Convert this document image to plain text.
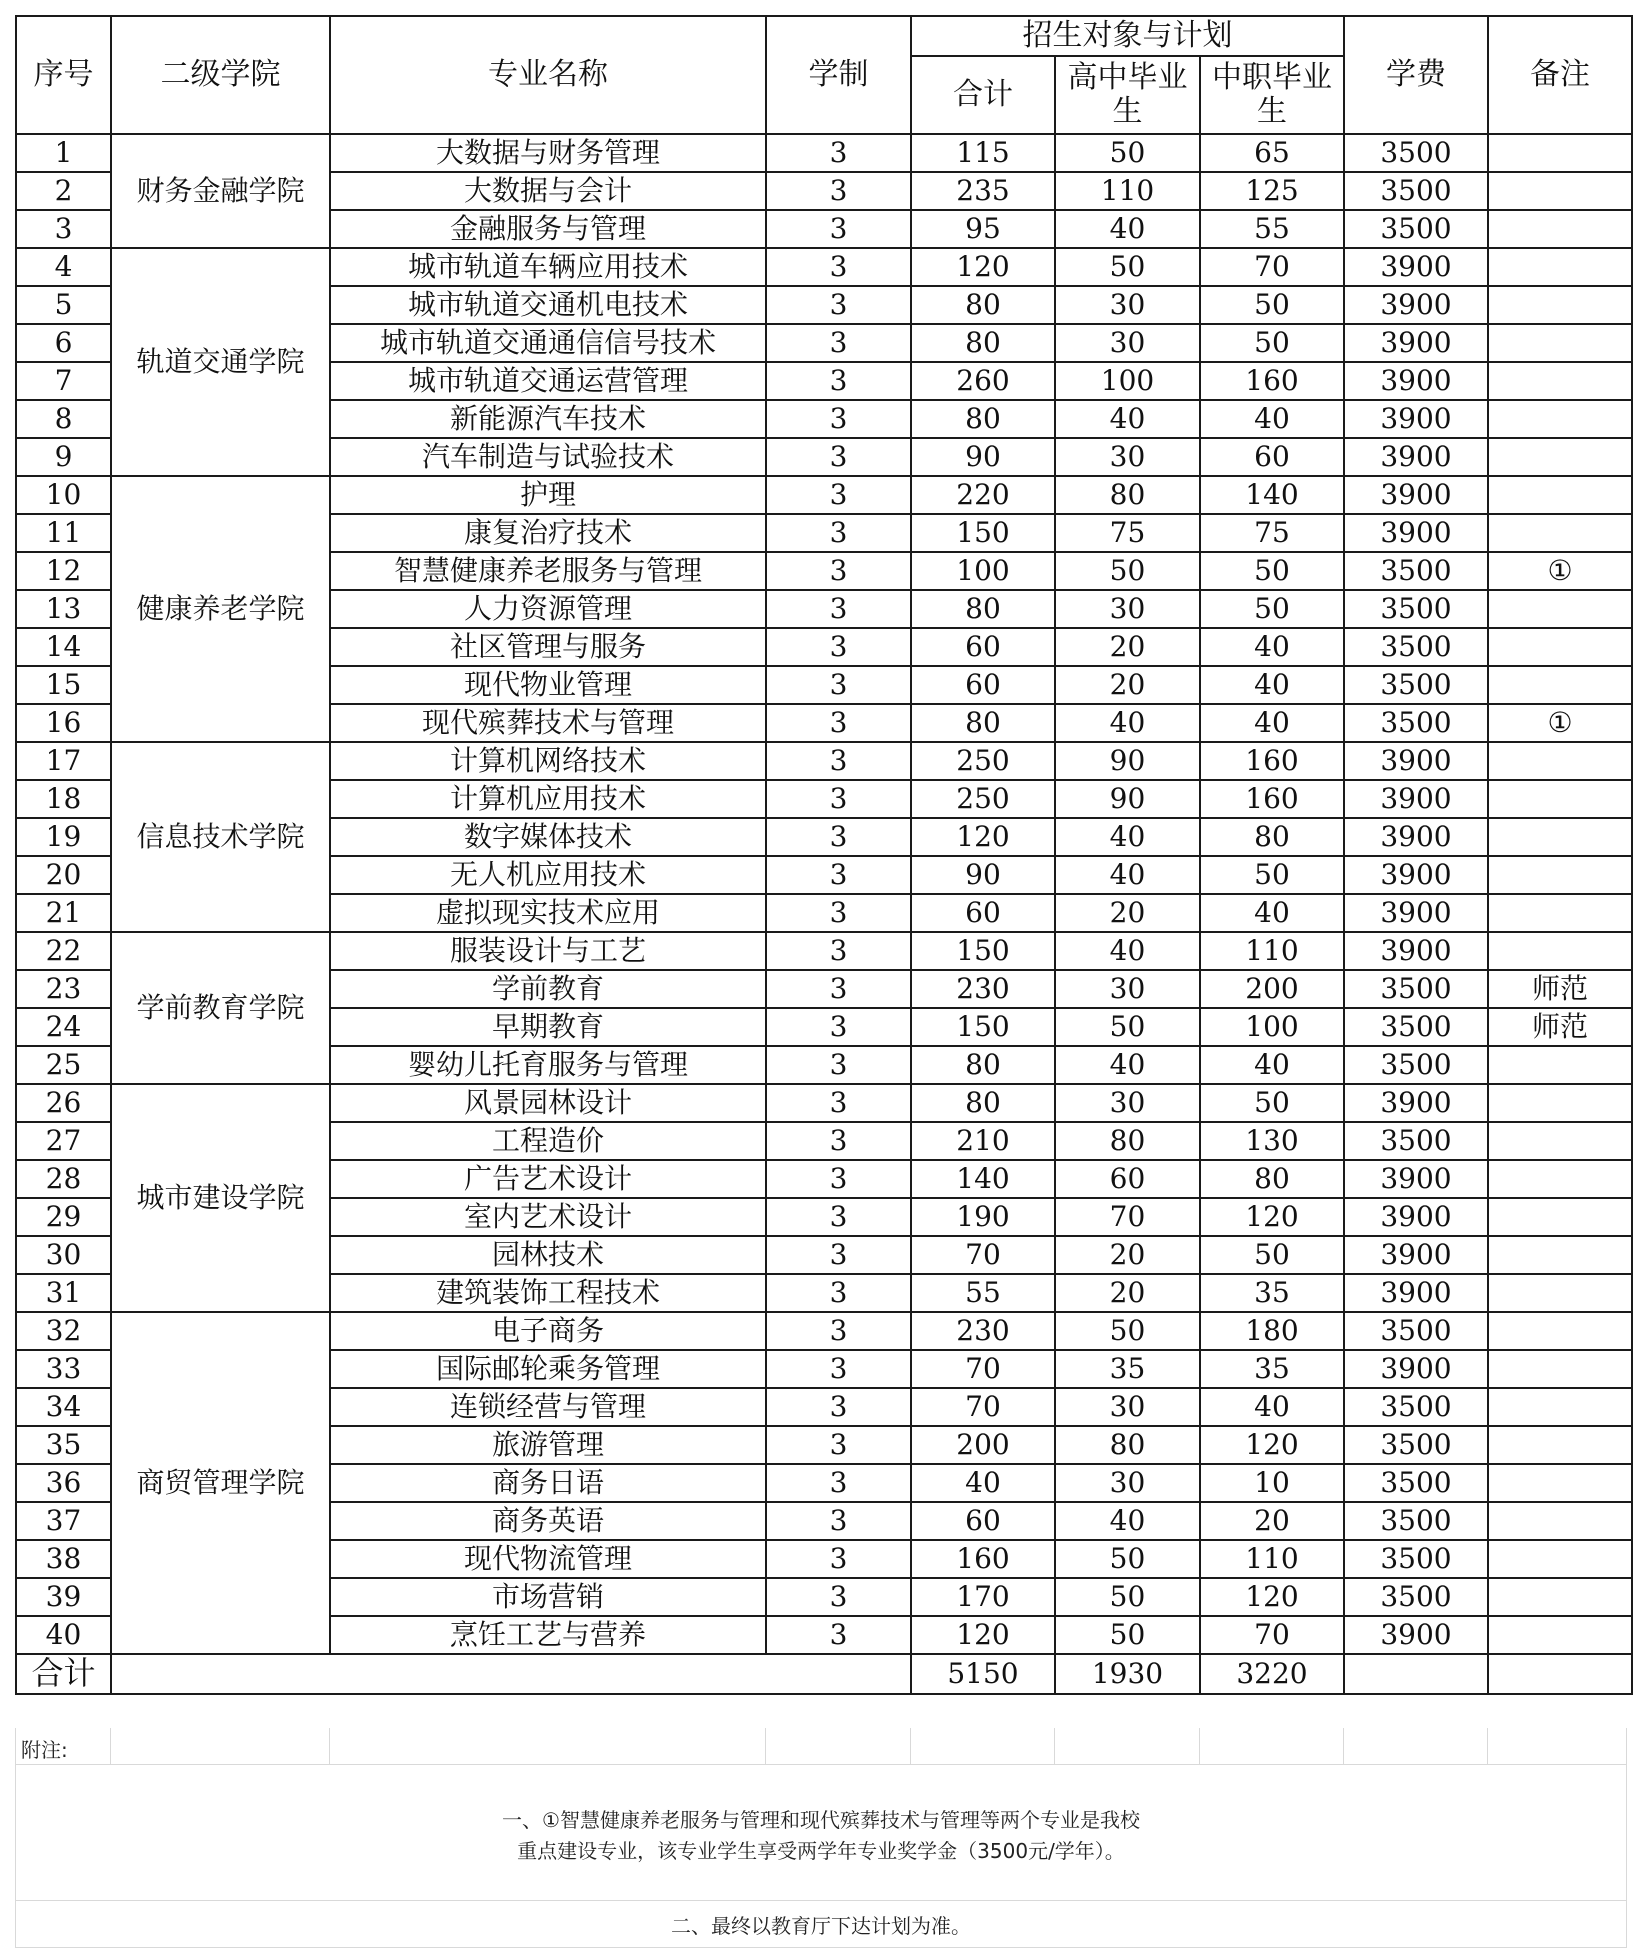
序号	二级学院	专业名称	学制	招生对象与计划			学费	备注
				合计	高中毕业生	中职毕业生		
1	财务金融学院	大数据与财务管理	3	115	50	65	3500	
2		大数据与会计	3	235	110	125	3500	
3		金融服务与管理	3	95	40	55	3500	
4	轨道交通学院	城市轨道车辆应用技术	3	120	50	70	3900	
5		城市轨道交通机电技术	3	80	30	50	3900	
6		城市轨道交通通信信号技术	3	80	30	50	3900	
7		城市轨道交通运营管理	3	260	100	160	3900	
8		新能源汽车技术	3	80	40	40	3900	
9		汽车制造与试验技术	3	90	30	60	3900	
10	健康养老学院	护理	3	220	80	140	3900	
11		康复治疗技术	3	150	75	75	3900	
12		智慧健康养老服务与管理	3	100	50	50	3500	①
13		人力资源管理	3	80	30	50	3500	
14		社区管理与服务	3	60	20	40	3500	
15		现代物业管理	3	60	20	40	3500	
16		现代殡葬技术与管理	3	80	40	40	3500	①
17	信息技术学院	计算机网络技术	3	250	90	160	3900	
18		计算机应用技术	3	250	90	160	3900	
19		数字媒体技术	3	120	40	80	3900	
20		无人机应用技术	3	90	40	50	3900	
21		虚拟现实技术应用	3	60	20	40	3900	
22	学前教育学院	服装设计与工艺	3	150	40	110	3900	
23		学前教育	3	230	30	200	3500	师范
24		早期教育	3	150	50	100	3500	师范
25		婴幼儿托育服务与管理	3	80	40	40	3500	
26	城市建设学院	风景园林设计	3	80	30	50	3900	
27		工程造价	3	210	80	130	3500	
28		广告艺术设计	3	140	60	80	3900	
29		室内艺术设计	3	190	70	120	3900	
30		园林技术	3	70	20	50	3900	
31		建筑装饰工程技术	3	55	20	35	3900	
32	商贸管理学院	电子商务	3	230	50	180	3500	
33		国际邮轮乘务管理	3	70	35	35	3900	
34		连锁经营与管理	3	70	30	40	3500	
35		旅游管理	3	200	80	120	3500	
36		商务日语	3	40	30	10	3500	
37		商务英语	3	60	40	20	3500	
38		现代物流管理	3	160	50	110	3500	
39		市场营销	3	170	50	120	3500	
40		烹饪工艺与营养	3	120	50	70	3900	
合计				5150	1930	3220		
附注:
一、①智慧健康养老服务与管理和现代殡葬技术与管理等两个专业是我校
重点建设专业，该专业学生享受两学年专业奖学金（3500元/学年）。
二、最终以教育厅下达计划为准。
